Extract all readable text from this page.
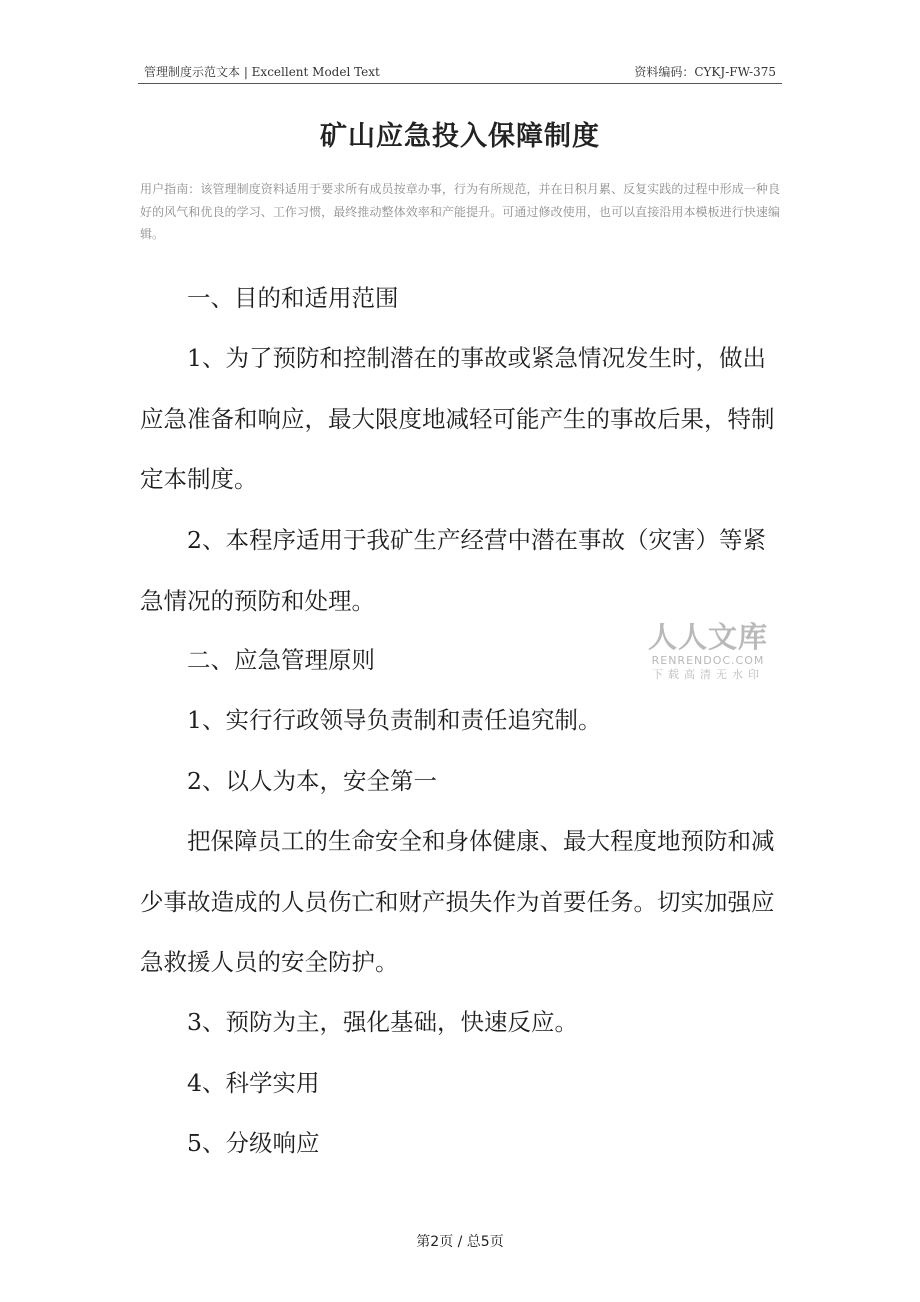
管理制度示范文本 | Excellent Model Text	资料编码：CYKJ-FW-375
矿山应急投入保障制度
用户指南：该管理制度资料适用于要求所有成员按章办事，行为有所规范，并在日积月累、反复实践的过程中形成一种良好的风气和优良的学习、工作习惯，最终推动整体效率和产能提升。可通过修改使用，也可以直接沿用本模板进行快速编辑。

一、目的和适用范围

1、为了预防和控制潜在的事故或紧急情况发生时，做出应急准备和响应，最大限度地减轻可能产生的事故后果，特制定本制度。

2、本程序适用于我矿生产经营中潜在事故（灾害）等紧急情况的预防和处理。

二、应急管理原则

1、实行行政领导负责制和责任追究制。

2、以人为本，安全第一

把保障员工的生命安全和身体健康、最大程度地预防和减少事故造成的人员伤亡和财产损失作为首要任务。切实加强应急救援人员的安全防护。

3、预防为主，强化基础，快速反应。

4、科学实用

5、分级响应

人人文库
RENRENDOC.COM
下载高清无水印
第2页 / 总5页
